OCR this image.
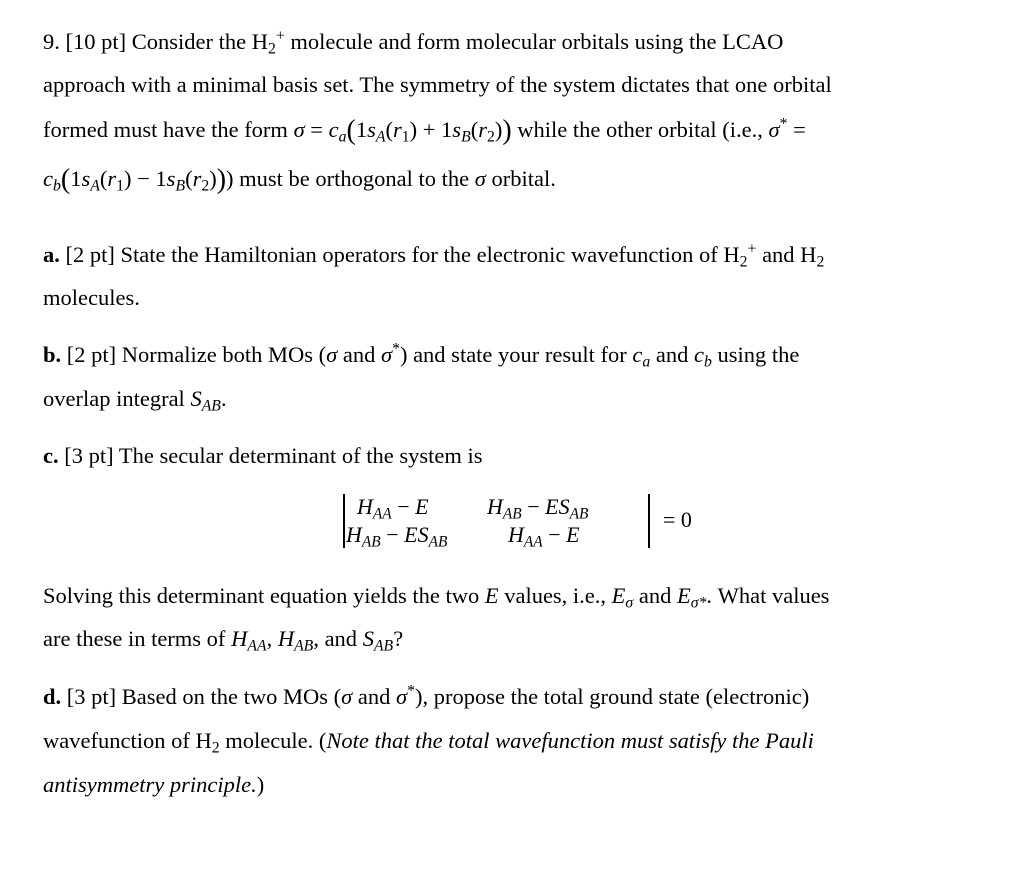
9. [10 pt] Consider the $H_2^+$ molecule and form molecular orbitals using the LCAO
approach with a minimal basis set. The symmetry of the system dictates that one orbital
formed must have the form $\sigma = c_a(1s_A(r_1) + 1s_B(r_2))$ while the other orbital (i.e., σ* =
$c_b(1s_A(r_1) - 1s_B(r_2))$) must be orthogonal to the σ orbital.
a. [2 pt] State the Hamiltonian operators for the electronic wavefunction of $H_2^+$ and $H_2$
molecules.
b. [2 pt] Normalize both MOs (σ and σ*) and state your result for $c_a$ and $c_b$ using the
overlap integral $S_{AB}$.
c. [3 pt] The secular determinant of the system is
$H_{AA} - E$	$H_{AB} - ES_{AB}$
$H_{AB} - ES_{AB}$	$H_{AA} - E$
= 0
Solving this determinant equation yields the two E values, i.e., $E_\sigma$ and $E_{\sigma*}$. What values
are these in terms of $H_{AA}$, $H_{AB}$, and $S_{AB}$?
d. [3 pt] Based on the two MOs (σ and σ*), propose the total ground state (electronic)
wavefunction of $H_2$ molecule. (Note that the total wavefunction must satisfy the Pauli
antisymmetry principle.)
